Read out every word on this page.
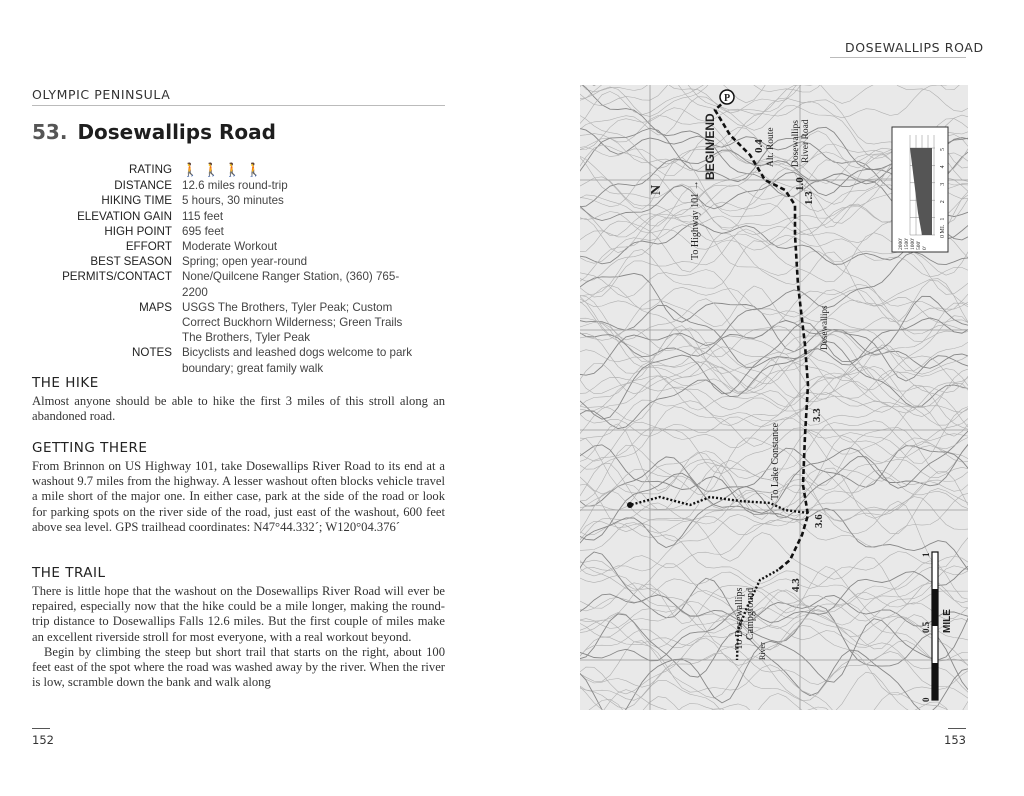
OLYMPIC PENINSULA
DOSEWALLIPS ROAD
53. Dosewallips Road
RATING 🚶 🚶 🚶 🚶
DISTANCE 12.6 miles round-trip
HIKING TIME 5 hours, 30 minutes
ELEVATION GAIN 115 feet
HIGH POINT 695 feet
EFFORT Moderate Workout
BEST SEASON Spring; open year-round
PERMITS/CONTACT None/Quilcene Ranger Station, (360) 765-2200
MAPS USGS The Brothers, Tyler Peak; Custom Correct Buckhorn Wilderness; Green Trails The Brothers, Tyler Peak
NOTES Bicyclists and leashed dogs welcome to park boundary; great family walk
THE HIKE

Almost anyone should be able to hike the first 3 miles of this stroll along an abandoned road.

GETTING THERE

From Brinnon on US Highway 101, take Dosewallips River Road to its end at a washout 9.7 miles from the highway. A lesser washout often blocks vehicle travel a mile short of the major one. In either case, park at the side of the road or look for parking spots on the river side of the road, just east of the washout, 600 feet above sea level. GPS trailhead coordinates: N47°44.332´; W120°04.376´

THE TRAIL

There is little hope that the washout on the Dosewallips River Road will ever be repaired, especially now that the hike could be a mile longer, making the round-trip distance to Dosewallips Falls 12.6 miles. But the first couple of miles make an excellent riverside stroll for most everyone, with a real workout beyond.

Begin by climbing the steep but short trail that starts on the right, about 100 feet east of the spot where the road was washed away by the river. When the river is low, scramble down the bank and walk along

152	153
P
To Highway 101 →
BEGIN/END	Alt. Route Dosewallips River Road
Dosewallips
To Lake Constance
To Dosewallips Campground
River
N
0.4
1.0
1.3
3.3
3.6
4.3
0 MI.
1
2
3
4
5
2000' 1500' 1000' 500' 0'
0
0.5
1
MILE
